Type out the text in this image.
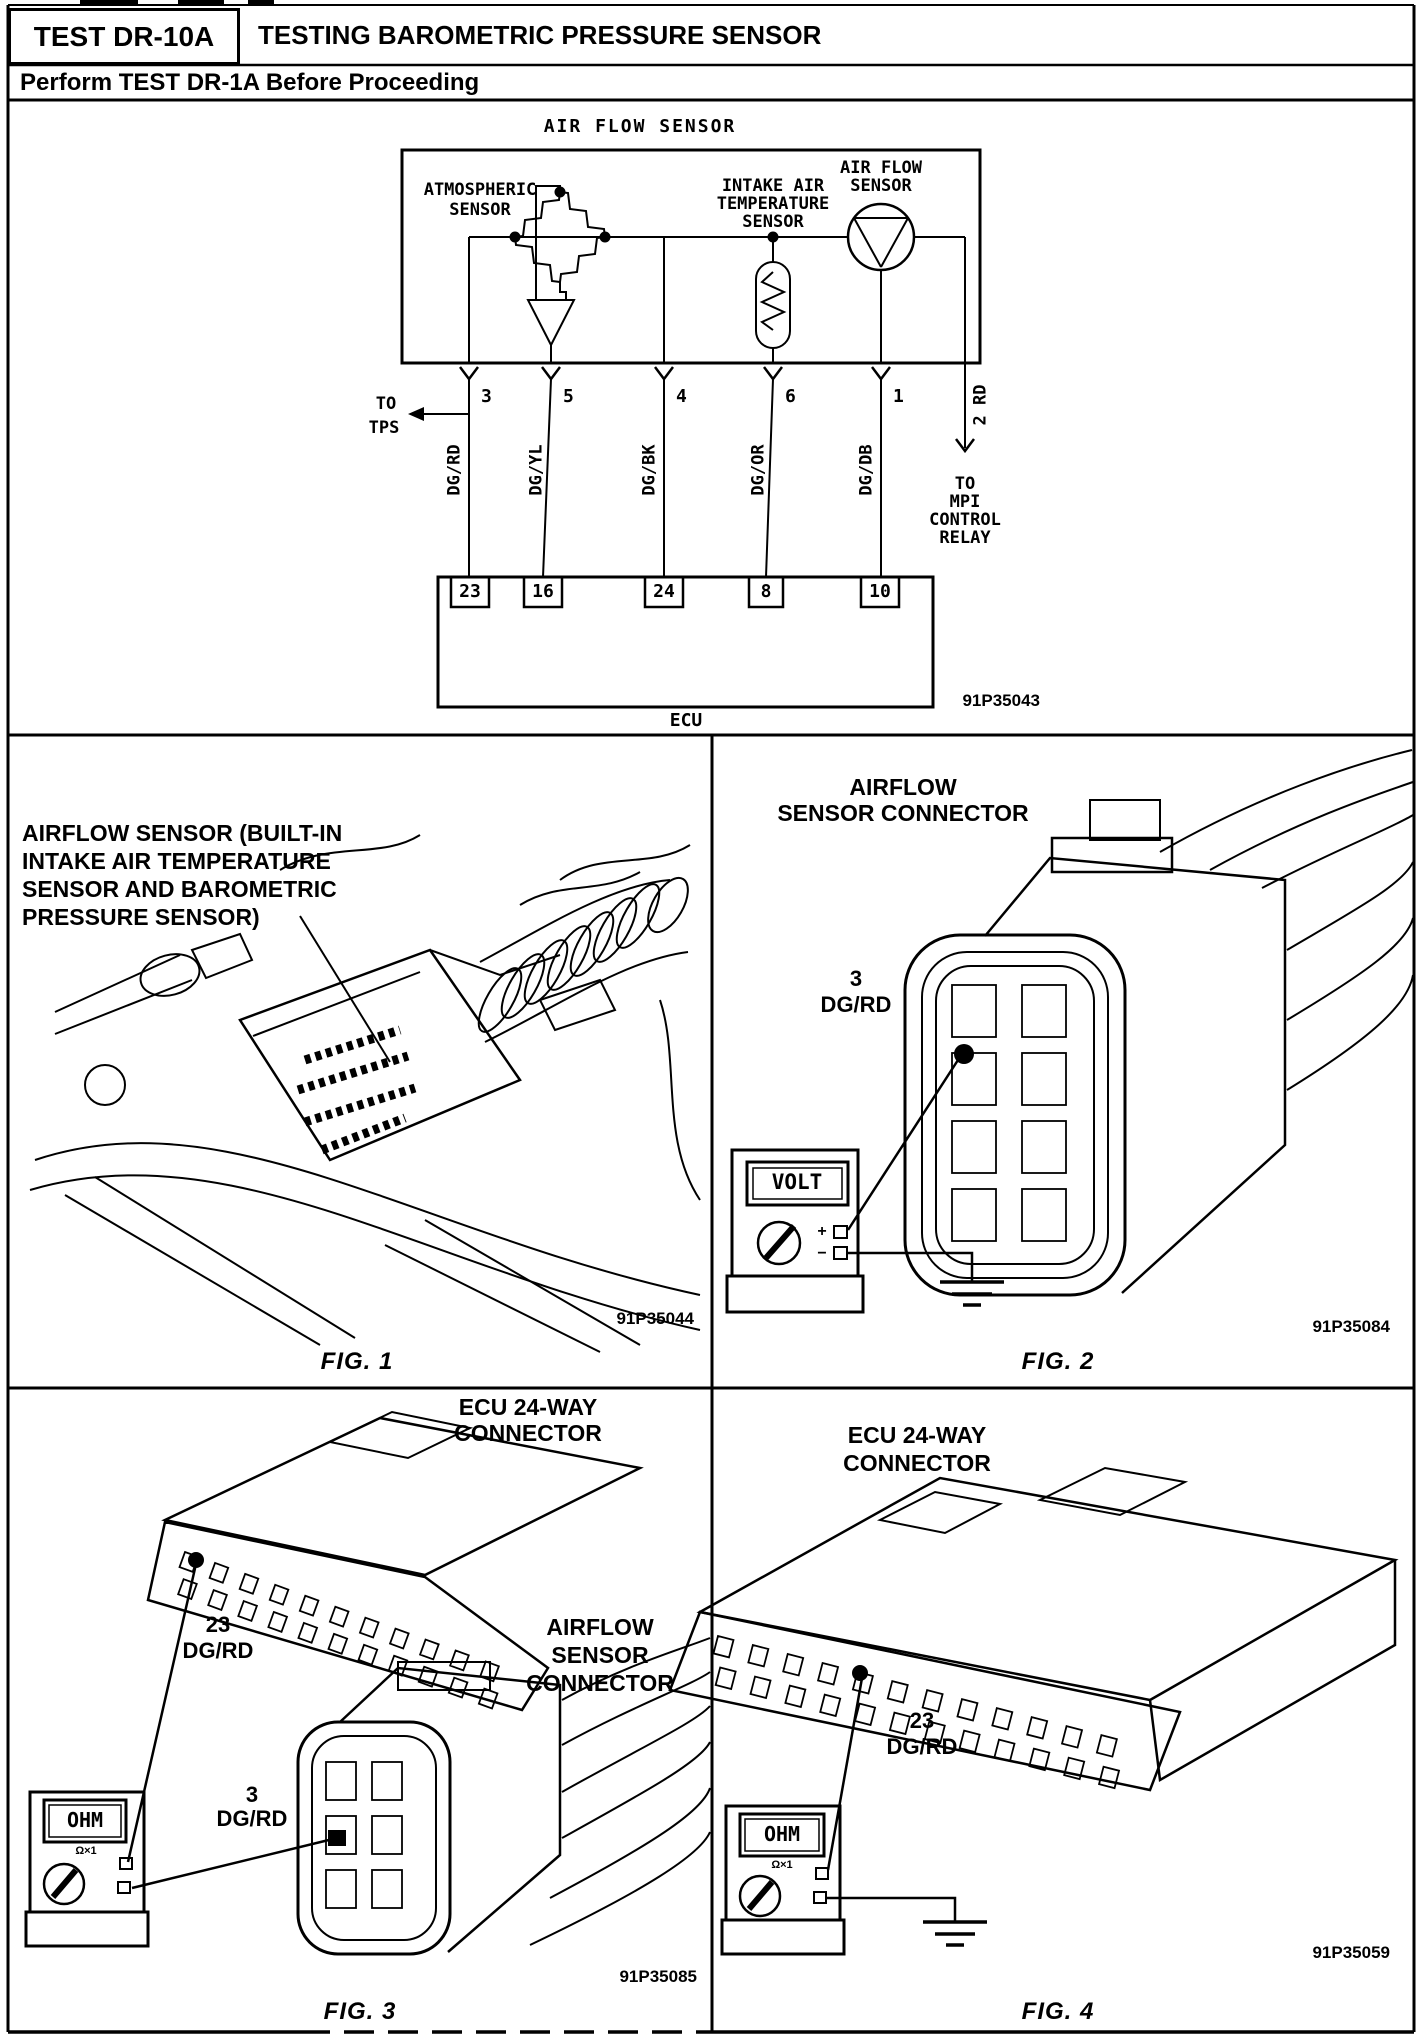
TEST DR-10A TESTING BAROMETRIC PRESSURE SENSOR
Perform TEST DR-1A Before Proceeding
AIR FLOW SENSOR
ATMOSPHERIC
SENSOR
INTAKE AIR
TEMPERATURE
SENSOR
AIR FLOW
SENSOR
TO
TPS
3	5	4	6	1
DG/RD	DG/YL	DG/BK	DG/OR	DG/DB
2 RD
TO
MPI
CONTROL
RELAY
23	16	24	8	10
ECU
91P35043
AIRFLOW SENSOR (BUILT-IN
INTAKE AIR TEMPERATURE
SENSOR AND BAROMETRIC
PRESSURE SENSOR)
91P35044
FIG. 1
AIRFLOW
SENSOR CONNECTOR
3
DG/RD
VOLT
+
−
91P35084
FIG. 2
ECU 24-WAY
CONNECTOR
23
DG/RD
AIRFLOW
SENSOR
CONNECTOR
3
DG/RD
OHM
Ω×1
91P35085
FIG. 3
ECU 24-WAY
CONNECTOR
23
DG/RD
OHM
Ω×1
91P35059
FIG. 4
